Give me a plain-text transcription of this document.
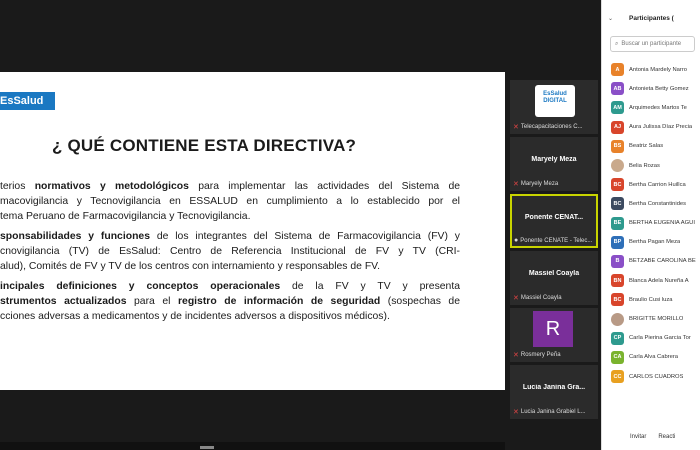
EsSalud
¿ QUÉ CONTIENE ESTA DIRECTIVA?

terios normativos y metodológicos para implementar las actividades del Sistema de
macovigilancia y Tecnovigilancia en ESSALUD en cumplimiento a lo establecido por el
tema Peruano de Farmacovigilancia y Tecnovigilancia.

sponsabilidades y funciones de los integrantes del Sistema de Farmacovigilancia (FV) y
cnovigilancia (TV) de EsSalud: Centro de Referencia Institucional de FV y TV (CRI-
alud), Comités de FV y TV de los centros con internamiento y responsables de FV.

incipales definiciones y conceptos operacionales de la FV y TV y presenta
strumentos actualizados para el registro de información de seguridad (sospechas de
cciones adversas a medicamentos y de incidentes adversos a dispositivos médicos).

EsSalud
DIGITAL
✕ Telecapacitaciones C...
Maryely Meza
✕ Maryely Meza
Ponente CENAT...
● Ponente CENATE - Telec...
Massiel Coayla
✕ Massiel Coayla
R
✕ Rosmery Peña
Lucia Janina Gra...
✕ Lucia Janina Grabiel L...
⌄ Participantes (
⌕ Buscar un participante
A	Antonia Mardely Narro
AB	Antonieta Betty Gomez
AM	Arquimedes Martos Te
AJ	Aura Julissa Díaz Precia
BS	Beatriz Salas
Belia Rozas
BC	Bertha Carrion Huillca
BC	Bertha Constantinides
BE	BERTHA EUGENIA AGUI
BP	Bertha Pagan Meza
B	BETZABE CAROLINA BE
BN	Blanca Adela Nureña A
BC	Braulio Cusi luza
BRIGITTE MORILLO
CP	Carla Pierina Garcia Tor
CA	Carla Alva Cabrera
CC	CARLOS CUADROS
Invitar Reacti
